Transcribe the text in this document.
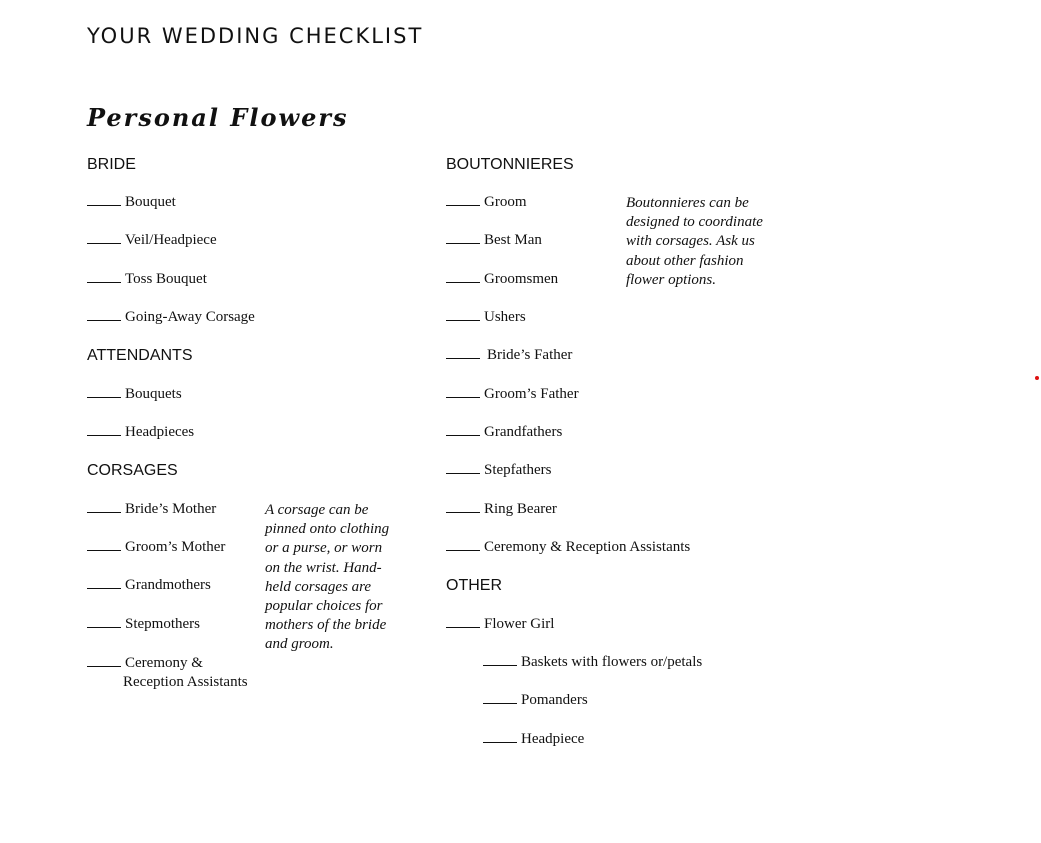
YOUR WEDDING CHECKLIST
Personal Flowers
BRIDE
Bouquet
Veil/Headpiece
Toss Bouquet
Going-Away Corsage
ATTENDANTS
Bouquets
Headpieces
CORSAGES
Bride’s Mother
Groom’s Mother
Grandmothers
Stepmothers
Ceremony &
Reception Assistants
A corsage can be
pinned onto clothing
or a purse, or worn
on the wrist. Hand-
held corsages are
popular choices for
mothers of the bride
and groom.
BOUTONNIERES
Groom
Best Man
Groomsmen
Ushers
Bride’s Father
Groom’s Father
Grandfathers
Stepfathers
Ring Bearer
Ceremony & Reception Assistants
Boutonnieres can be
designed to coordinate
with corsages. Ask us
about other fashion
flower options.
OTHER
Flower Girl
Baskets with flowers or/petals
Pomanders
Headpiece
